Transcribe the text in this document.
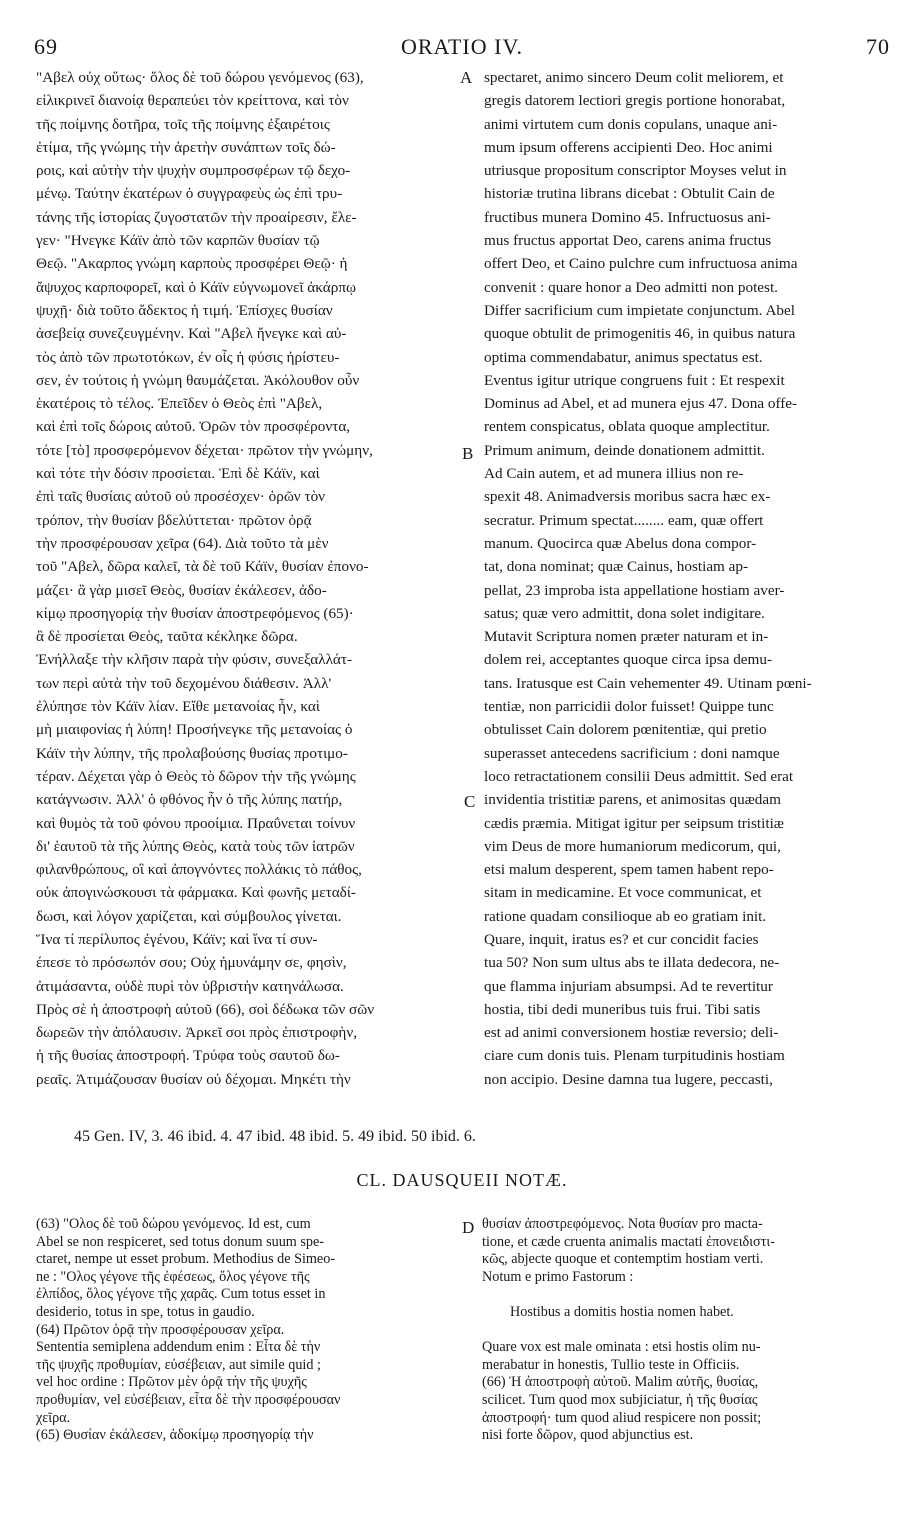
69	ORATIO IV.	70
"Αβελ οὐχ οὕτως· ὅλος δὲ τοῦ δώρου γενόμενος (63),
εἰλικρινεῖ διανοίᾳ θεραπεύει τὸν κρείττονα, καὶ τὸν
τῆς ποίμνης δοτῆρα, τοῖς τῆς ποίμνης ἐξαιρέτοις
ἐτίμα, τῆς γνώμης τὴν ἀρετὴν συνάπτων τοῖς δώ-
ροις, καὶ αὐτὴν τὴν ψυχὴν συμπροσφέρων τῷ δεχο-
μένῳ. Ταύτην ἑκατέρων ὁ συγγραφεὺς ὡς ἐπὶ τρυ-
τάνης τῆς ἱστορίας ζυγοστατῶν τὴν προαίρεσιν, ἔλε-
γεν· "Ηνεγκε Κάϊν ἀπὸ τῶν καρπῶν θυσίαν τῷ
Θεῷ. "Ακαρπος γνώμη καρποὺς προσφέρει Θεῷ· ἡ
ἄψυχος καρποφορεῖ, καὶ ὁ Κάϊν εὐγνωμονεῖ ἀκάρπῳ
ψυχῇ· διὰ τοῦτο ἄδεκτος ἡ τιμή. Ἐπίσχες θυσίαν
ἀσεβείᾳ συνεζευγμένην. Καὶ "Αβελ ἤνεγκε καὶ αὐ-
τὸς ἀπὸ τῶν πρωτοτόκων, ἐν οἷς ἡ φύσις ἠρίστευ-
σεν, ἐν τούτοις ἡ γνώμη θαυμάζεται. Ἀκόλουθον οὖν
ἑκατέροις τὸ τέλος. Ἐπεῖδεν ὁ Θεὸς ἐπὶ "Αβελ,
καὶ ἐπὶ τοῖς δώροις αὐτοῦ. Ὁρῶν τὸν προσφέροντα,
τότε [τὸ] προσφερόμενον δέχεται· πρῶτον τὴν γνώμην,
καὶ τότε τὴν δόσιν προσίεται. Ἐπὶ δὲ Κάϊν, καὶ
ἐπὶ ταῖς θυσίαις αὐτοῦ οὐ προσέσχεν· ὁρῶν τὸν
τρόπον, τὴν θυσίαν βδελύττεται· πρῶτον ὁρᾷ
τὴν προσφέρουσαν χεῖρα (64). Διὰ τοῦτο τὰ μὲν
τοῦ "Αβελ, δῶρα καλεῖ, τὰ δὲ τοῦ Κάϊν, θυσίαν ἐπονο-
μάζει· ἃ γὰρ μισεῖ Θεὸς, θυσίαν ἐκάλεσεν, ἀδο-
κίμῳ προσηγορίᾳ τὴν θυσίαν ἀποστρεφόμενος (65)·
ἃ δὲ προσίεται Θεὸς, ταῦτα κέκληκε δῶρα.
Ἐνήλλαξε τὴν κλῆσιν παρὰ τὴν φύσιν, συνεξαλλάτ-
των περὶ αὐτὰ τὴν τοῦ δεχομένου διάθεσιν. Ἀλλ'
ἐλύπησε τὸν Κάϊν λίαν. Εἴθε μετανοίας ἦν, καὶ
μὴ μιαιφονίας ἡ λύπη! Προσήνεγκε τῆς μετανοίας ὁ
Κάϊν τὴν λύπην, τῆς προλαβούσης θυσίας προτιμο-
τέραν. Δέχεται γὰρ ὁ Θεὸς τὸ δῶρον τὴν τῆς γνώμης
κατάγνωσιν. Ἀλλ' ὁ φθόνος ἦν ὁ τῆς λύπης πατήρ,
καὶ θυμὸς τὰ τοῦ φόνου προοίμια. Πραΰνεται τοίνυν
δι' ἑαυτοῦ τὰ τῆς λύπης Θεὸς, κατὰ τοὺς τῶν ἰατρῶν
φιλανθρώπους, οἳ καὶ ἀπογνόντες πολλάκις τὸ πάθος,
οὐκ ἀπογινώσκουσι τὰ φάρμακα. Καὶ φωνῆς μεταδί-
δωσι, καὶ λόγον χαρίζεται, καὶ σύμβουλος γίνεται.
Ἵνα τί περίλυπος ἐγένου, Κάϊν; καὶ ἵνα τί συν-
έπεσε τὸ πρόσωπόν σου; Οὐχ ἠμυνάμην σε, φησὶν,
ἀτιμάσαντα, οὐδὲ πυρὶ τὸν ὑβριστὴν κατηνάλωσα.
Πρὸς σὲ ἡ ἀποστροφὴ αὐτοῦ (66), σοὶ δέδωκα τῶν σῶν
δωρεῶν τὴν ἀπόλαυσιν. Ἀρκεῖ σοι πρὸς ἐπιστροφὴν,
ἡ τῆς θυσίας ἀποστροφή. Τρύφα τοὺς σαυτοῦ δω-
ρεαῖς. Ἀτιμάζουσαν θυσίαν οὐ δέχομαι. Μηκέτι τὴν
spectaret, animo sincero Deum colit meliorem, et
gregis datorem lectiori gregis portione honorabat,
animi virtutem cum donis copulans, unaque ani-
mum ipsum offerens accipienti Deo. Hoc animi
utriusque propositum conscriptor Moyses velut in
historiæ trutina librans dicebat : Obtulit Cain de
fructibus munera Domino 45. Infructuosus ani-
mus fructus apportat Deo, carens anima fructus
offert Deo, et Caino pulchre cum infructuosa anima
convenit : quare honor a Deo admitti non potest.
Differ sacrificium cum impietate conjunctum. Abel
quoque obtulit de primogenitis 46, in quibus natura
optima commendabatur, animus spectatus est.
Eventus igitur utrique congruens fuit : Et respexit
Dominus ad Abel, et ad munera ejus 47. Dona offe-
rentem conspicatus, oblata quoque amplectitur.
Primum animum, deinde donationem admittit.
Ad Cain autem, et ad munera illius non re-
spexit 48. Animadversis moribus sacra hæc ex-
secratur. Primum spectat........ eam, quæ offert
manum. Quocirca quæ Abelus dona compor-
tat, dona nominat; quæ Cainus, hostiam ap-
pellat, 23 improba ista appellatione hostiam aver-
satus; quæ vero admittit, dona solet indigitare.
Mutavit Scriptura nomen præter naturam et in-
dolem rei, acceptantes quoque circa ipsa demu-
tans. Iratusque est Cain vehementer 49. Utinam pœni-
tentiæ, non parricidii dolor fuisset! Quippe tunc
obtulisset Cain dolorem pœnitentiæ, qui pretio
superasset antecedens sacrificium : doni namque
loco retractationem consilii Deus admittit. Sed erat
invidentia tristitiæ parens, et animositas quædam
cædis præmia. Mitigat igitur per seipsum tristitiæ
vim Deus de more humaniorum medicorum, qui,
etsi malum desperent, spem tamen habent repo-
sitam in medicamine. Et voce communicat, et
ratione quadam consilioque ab eo gratiam init.
Quare, inquit, iratus es? et cur concidit facies
tua 50? Non sum ultus abs te illata dedecora, ne-
que flamma injuriam absumpsi. Ad te revertitur
hostia, tibi dedi muneribus tuis frui. Tibi satis
est ad animi conversionem hostiæ reversio; deli-
ciare cum donis tuis. Plenam turpitudinis hostiam
non accipio. Desine damna tua lugere, peccasti,
A
B
C
D
45 Gen. IV, 3. 46 ibid. 4. 47 ibid. 48 ibid. 5. 49 ibid. 50 ibid. 6.
CL. DAUSQUEII NOTÆ.
(63) "Ολος δὲ τοῦ δώρου γενόμενος. Id est, cum
Abel se non respiceret, sed totus donum suum spe-
ctaret, nempe ut esset probum. Methodius de Simeo-
ne : "Ολος γέγονε τῆς ἐφέσεως, ὅλος γέγονε τῆς
ἐλπίδος, ὅλος γέγονε τῆς χαρᾶς. Cum totus esset in
desiderio, totus in spe, totus in gaudio.
(64) Πρῶτον ὁρᾷ τὴν προσφέρουσαν χεῖρα.
Sententia semiplena addendum enim : Εἶτα δὲ τὴν
τῆς ψυχῆς προθυμίαν, εὐσέβειαν, aut simile quid ;
vel hoc ordine : Πρῶτον μὲν ὁρᾷ τὴν τῆς ψυχῆς
προθυμίαν, vel εὐσέβειαν, εἶτα δὲ τὴν προσφέρουσαν
χεῖρα.
(65) Θυσίαν ἐκάλεσεν, ἀδοκίμῳ προσηγορίᾳ τὴν
θυσίαν ἀποστρεφόμενος. Nota θυσίαν pro macta-
tione, et cæde cruenta animalis mactati ἐπονειδιστι-
κῶς, abjecte quoque et contemptim hostiam verti.
Notum e primo Fastorum :

Hostibus a domitis hostia nomen habet.

Quare vox est male ominata : etsi hostis olim nu-
merabatur in honestis, Tullio teste in Officiis.
(66) Ἡ ἀποστροφὴ αὐτοῦ. Malim αὐτῆς, θυσίας,
scilicet. Tum quod mox subjiciatur, ἡ τῆς θυσίας
ἀποστροφή· tum quod aliud respicere non possit;
nisi forte δῶρον, quod abjunctius est.
